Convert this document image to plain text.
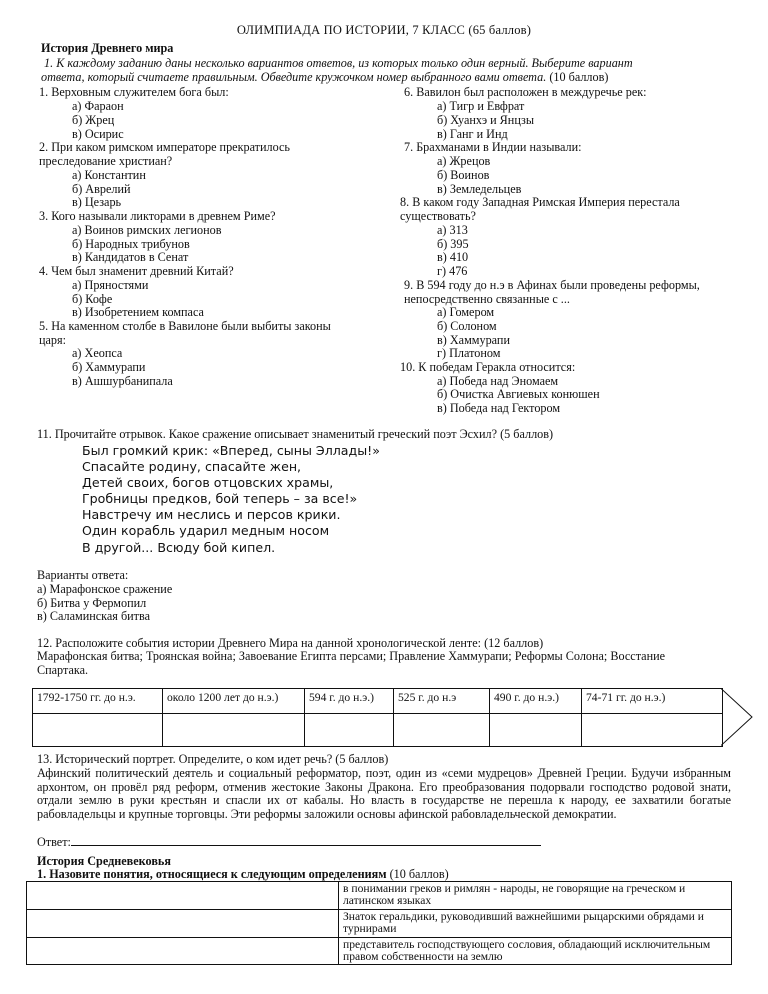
ОЛИМПИАДА ПО ИСТОРИИ, 7 КЛАСС (65 баллов)
История Древнего мира
1. К каждому заданию даны несколько вариантов ответов, из которых только один верный. Выберите вариант
ответа, который считаете правильным. Обведите кружочком номер выбранного вами ответа. (10 баллов)
1. Верховным служителем бога был:
а) Фараон
б) Жрец
в) Осирис
2. При каком римском императоре прекратилось
преследование христиан?
а) Константин
б) Аврелий
в) Цезарь
3. Кого называли ликторами в древнем Риме?
а) Воинов римских легионов
б) Народных трибунов
в) Кандидатов в Сенат
4. Чем был знаменит древний Китай?
а) Пряностями
б) Кофе
в) Изобретением компаса
5. На каменном столбе в Вавилоне были выбиты законы
царя:
а) Хеопса
б) Хаммурапи
в) Ашшурбанипала
6. Вавилон был расположен в междуречье рек:
а) Тигр и Евфрат
б) Хуанхэ и Янцзы
в) Ганг и Инд
7. Брахманами в Индии называли:
а) Жрецов
б) Воинов
в) Земледельцев
8. В каком году Западная Римская Империя перестала
существовать?
а) 313
б) 395
в) 410
г) 476
9. В 594 году до н.э в Афинах были проведены реформы,
непосредственно связанные с ...
а) Гомером
б) Солоном
в) Хаммурапи
г) Платоном
10. К победам Геракла относится:
а) Победа над Эномаем
б) Очистка Авгиевых конюшен
в) Победа над Гектором
11. Прочитайте отрывок. Какое сражение описывает знаменитый греческий поэт Эсхил? (5 баллов)
Был громкий крик: «Вперед, сыны Эллады!»
Спасайте родину, спасайте жен,
Детей своих, богов отцовских храмы,
Гробницы предков, бой теперь – за все!»
Навстречу им неслись и персов крики.
Один корабль ударил медным носом
В другой... Всюду бой кипел.
Варианты ответа:
а) Марафонское сражение
б) Битва у Фермопил
в) Саламинская битва
12. Расположите события истории Древнего Мира на данной хронологической ленте: (12 баллов)
Марафонская битва; Троянская война; Завоевание Египта персами; Правление Хаммурапи; Реформы Солона; Восстание
Спартака.
1792-1750 гг. до н.э.	около 1200 лет до н.э.)	594 г. до н.э.)	525 г. до н.э	490 г. до н.э.)	74-71 гг. до н.э.)

13. Исторический портрет. Определите, о ком идет речь? (5 баллов)
Афинский политический деятель и социальный реформатор, поэт, один из «семи мудрецов» Древней Греции. Будучи избранным архонтом, он провёл ряд реформ, отменив жестокие Законы Дракона. Его преобразования подорвали господство родовой знати, отдали землю в руки крестьян и спасли их от кабалы. Но власть в государстве не перешла к народу, ее захватили богатые рабовладельцы и крупные торговцы. Эти реформы заложили основы афинской рабовладельческой демократии.
Ответ:
История Средневековья
1. Назовите понятия, относящиеся к следующим определениям (10 баллов)
	в понимании греков и римлян - народы, не говорящие на греческом и латинском языках
	Знаток геральдики, руководивший важнейшими рыцарскими обрядами и турнирами
	представитель господствующего сословия, обладающий исключительным правом собственности на землю
